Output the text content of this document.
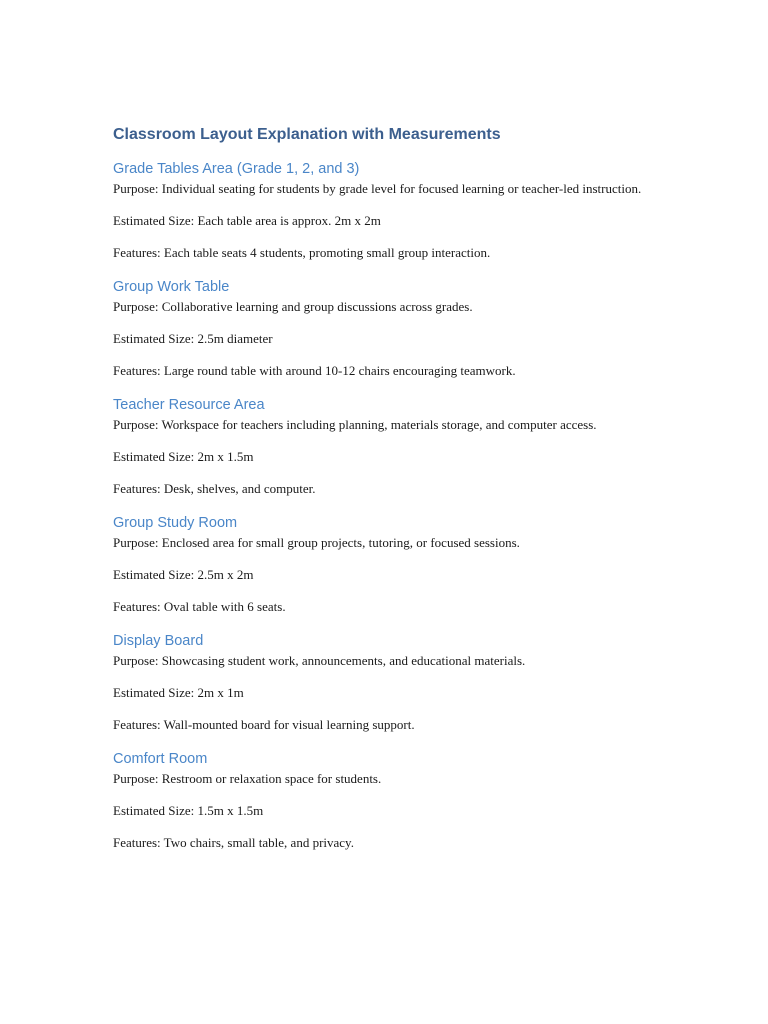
Classroom Layout Explanation with Measurements
Grade Tables Area (Grade 1, 2, and 3)

Purpose: Individual seating for students by grade level for focused learning or teacher-led instruction.

Estimated Size: Each table area is approx. 2m x 2m

Features: Each table seats 4 students, promoting small group interaction.

Group Work Table

Purpose: Collaborative learning and group discussions across grades.

Estimated Size: 2.5m diameter

Features: Large round table with around 10-12 chairs encouraging teamwork.

Teacher Resource Area

Purpose: Workspace for teachers including planning, materials storage, and computer access.

Estimated Size: 2m x 1.5m

Features: Desk, shelves, and computer.

Group Study Room

Purpose: Enclosed area for small group projects, tutoring, or focused sessions.

Estimated Size: 2.5m x 2m

Features: Oval table with 6 seats.

Display Board

Purpose: Showcasing student work, announcements, and educational materials.

Estimated Size: 2m x 1m

Features: Wall-mounted board for visual learning support.

Comfort Room

Purpose: Restroom or relaxation space for students.

Estimated Size: 1.5m x 1.5m

Features: Two chairs, small table, and privacy.
